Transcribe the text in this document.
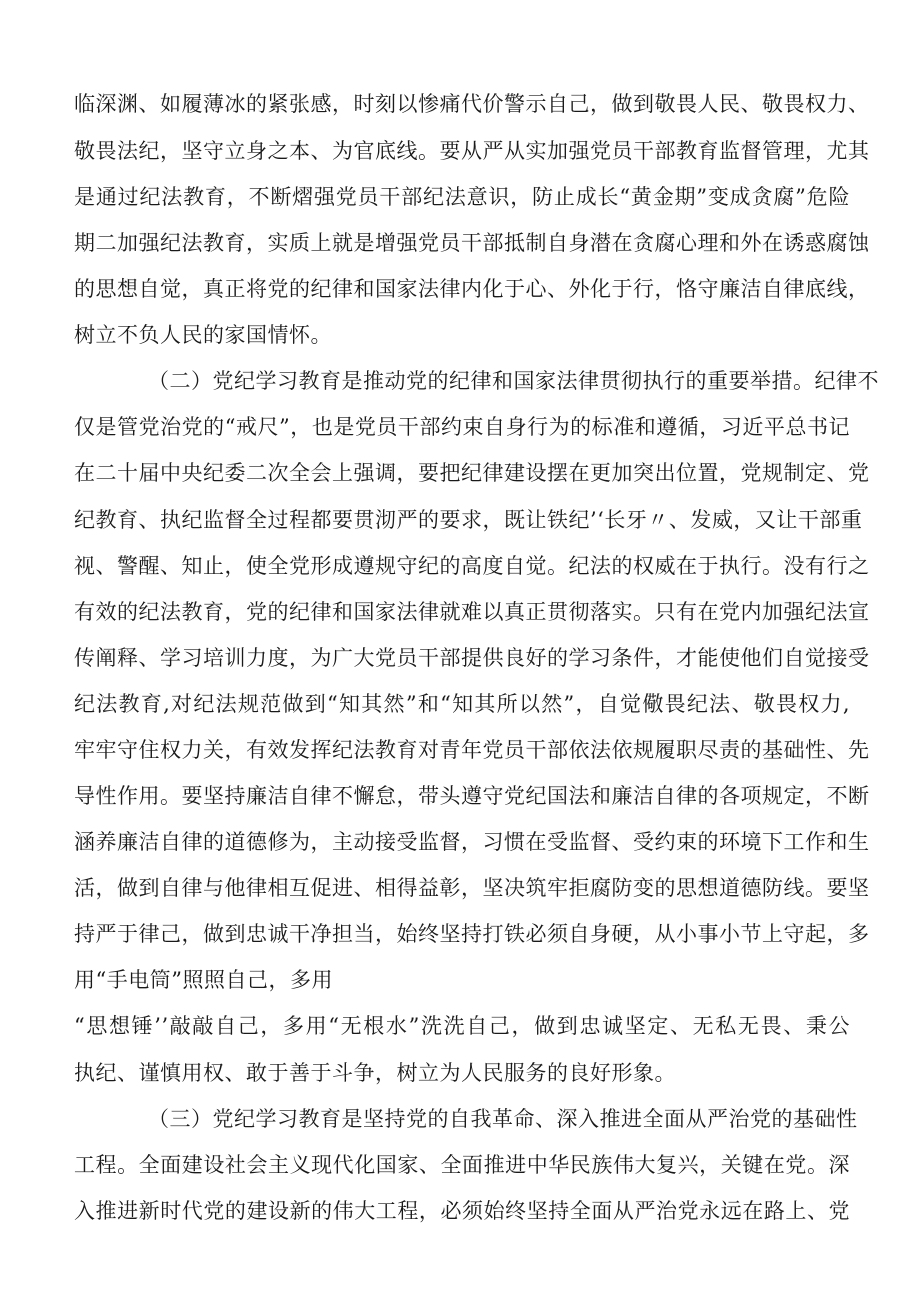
临深渊、如履薄冰的紧张感，时刻以惨痛代价警示自己，做到敬畏人民、敬畏权力、
敬畏法纪，坚守立身之本、为官底线。要从严从实加强党员干部教育监督管理，尤其
是通过纪法教育，不断熠强党员干部纪法意识，防止成长“黄金期”变成贪腐”危险
期二加强纪法教育，实质上就是增强党员干部抵制自身潜在贪腐心理和外在诱惑腐蚀
的思想自觉，真正将党的纪律和国家法律内化于心、外化于行，恪守廉洁自律底线，
树立不负人民的家国情怀。
（二）党纪学习教育是推动党的纪律和国家法律贯彻执行的重要举措。纪律不
仅是管党治党的“戒尺”，也是党员干部约束自身行为的标准和遵循，习近平总书记
在二十届中央纪委二次全会上强调，要把纪律建设摆在更加突出位置，党规制定、党
纪教育、执纪监督全过程都要贯沏严的要求，既让铁纪’‘长牙〃、发威，又让干部重
视、警醒、知止，使全党形成遵规守纪的高度自觉。纪法的权威在于执行。没有行之
有效的纪法教育，党的纪律和国家法律就难以真正贯彻落实。只有在党内加强纪法宣
传阐释、学习培训力度，为广大党员干部提供良好的学习条件，才能使他们自觉接受
纪法教育,对纪法规范做到“知其然”和“知其所以然”，自觉儆畏纪法、敬畏权力,
牢牢守住权力关，有效发挥纪法教育对青年党员干部依法依规履职尽责的基础性、先
导性作用。要坚持廉洁自律不懈怠，带头遵守党纪国法和廉洁自律的各项规定，不断
涵养廉洁自律的道德修为，主动接受监督，习惯在受监督、受约束的环境下工作和生
活，做到自律与他律相互促进、相得益彰，坚决筑牢拒腐防变的思想道德防线。要坚
持严于律己，做到忠诚干净担当，始终坚持打铁必须自身硬，从小事小节上守起，多
用“手电筒”照照自己，多用
“思想锤’’敲敲自己，多用“无根水”洗洗自己，做到忠诚坚定、无私无畏、秉公
执纪、谨慎用权、敢于善于斗争，树立为人民服务的良好形象。
（三）党纪学习教育是坚持党的自我革命、深入推进全面从严治党的基础性
工程。全面建设社会主义现代化国家、全面推进中华民族伟大复兴，关键在党。深
入推进新时代党的建设新的伟大工程，必须始终坚持全面从严治党永远在路上、党
